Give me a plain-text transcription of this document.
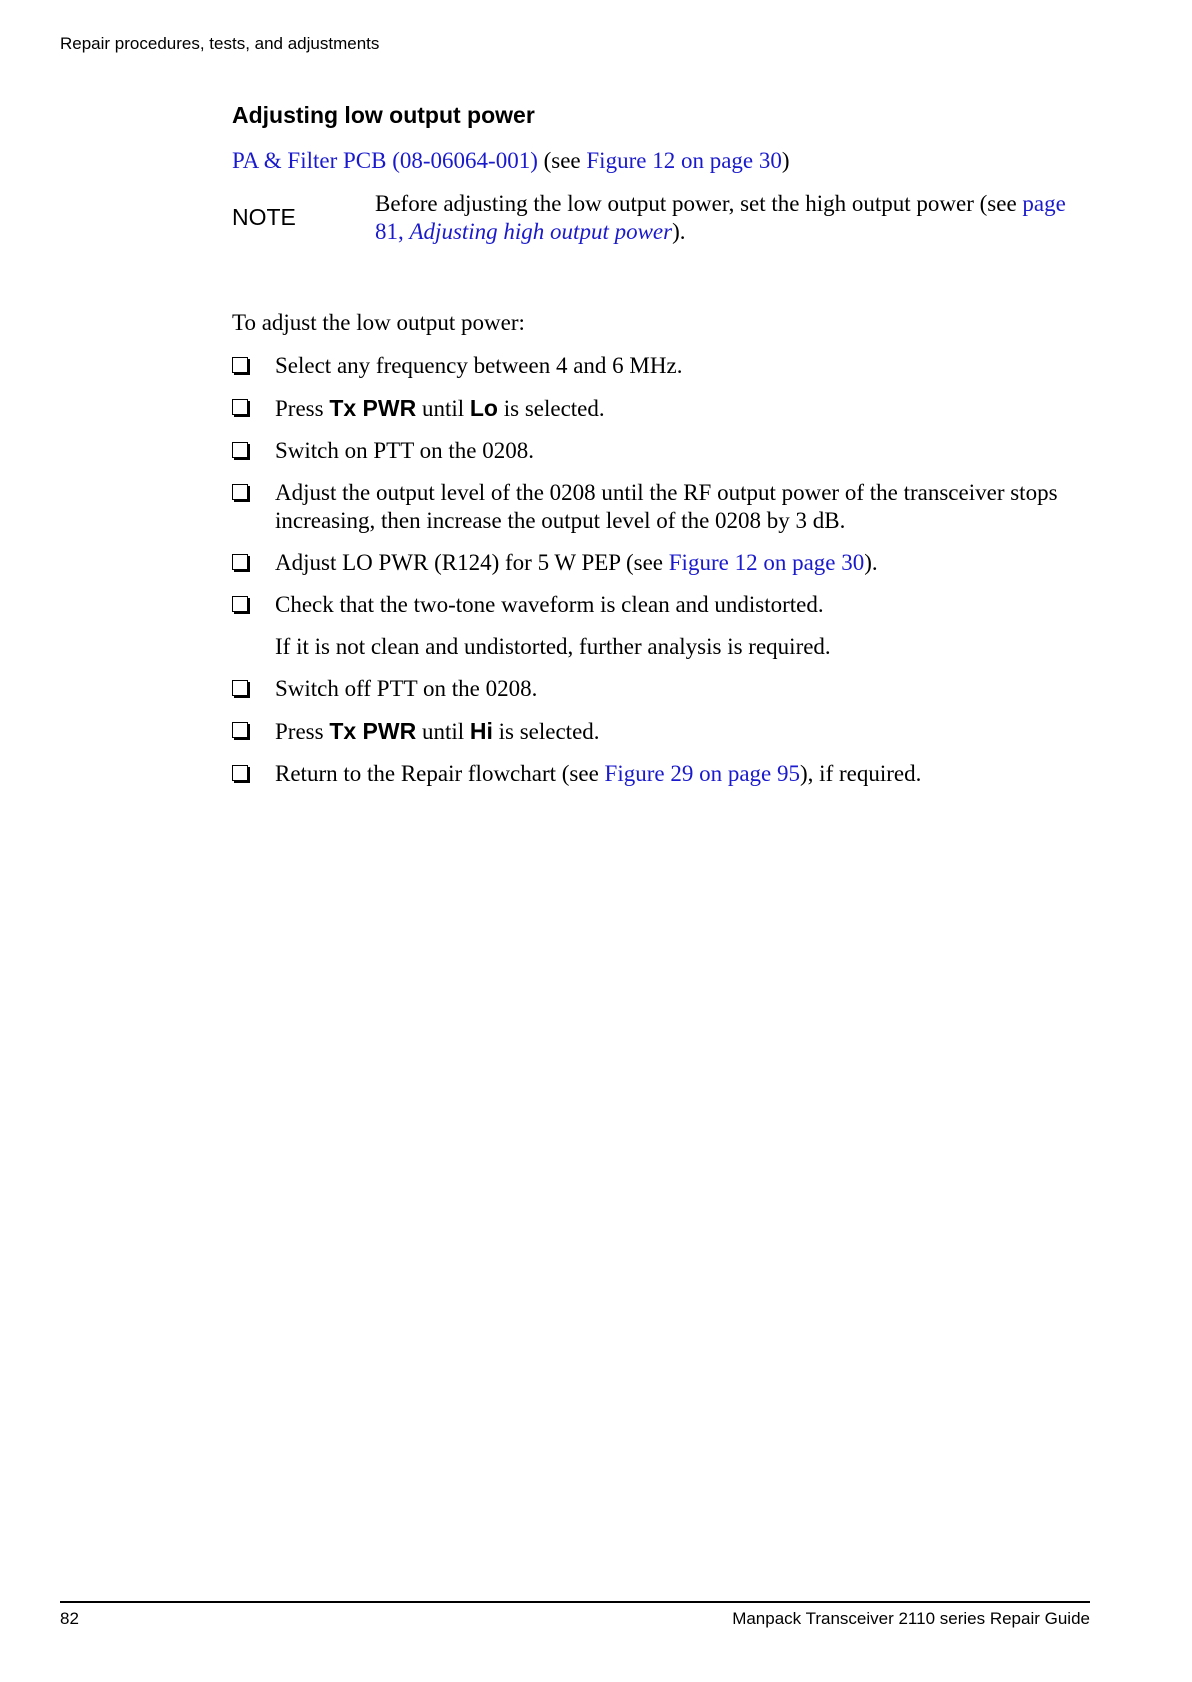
Repair procedures, tests, and adjustments
Adjusting low output power
PA & Filter PCB (08-06064-001) (see Figure 12 on page 30)
NOTE
Before adjusting the low output power, set the high output power (see page 81, Adjusting high output power).
To adjust the low output power:
Select any frequency between 4 and 6 MHz.
Press Tx PWR until Lo is selected.
Switch on PTT on the 0208.
Adjust the output level of the 0208 until the RF output power of the transceiver stops increasing, then increase the output level of the 0208 by 3 dB.
Adjust LO PWR (R124) for 5 W PEP (see Figure 12 on page 30).
Check that the two-tone waveform is clean and undistorted.
If it is not clean and undistorted, further analysis is required.
Switch off PTT on the 0208.
Press Tx PWR until Hi is selected.
Return to the Repair flowchart (see Figure 29 on page 95), if required.
82	Manpack Transceiver 2110 series Repair Guide
